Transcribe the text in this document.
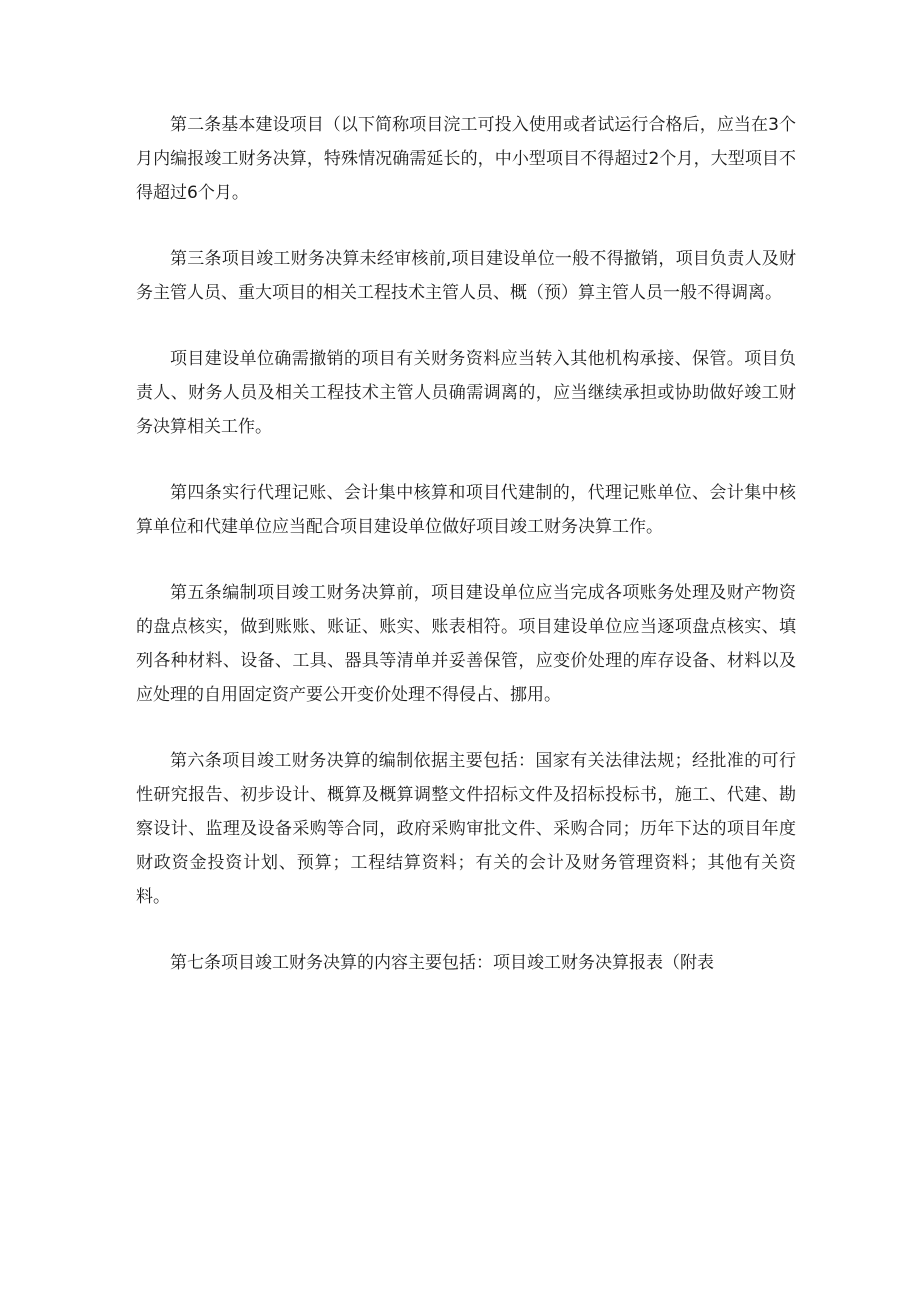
第二条基本建设项目（以下简称项目浣工可投入使用或者试运行合格后，应当在3个月内编报竣工财务决算，特殊情况确需延长的，中小型项目不得超过2个月，大型项目不得超过6个月。

第三条项目竣工财务决算未经审核前,项目建设单位一般不得撤销，项目负责人及财务主管人员、重大项目的相关工程技术主管人员、概（预）算主管人员一般不得调离。

项目建设单位确需撤销的项目有关财务资料应当转入其他机构承接、保管。项目负责人、财务人员及相关工程技术主管人员确需调离的，应当继续承担或协助做好竣工财务决算相关工作。

第四条实行代理记账、会计集中核算和项目代建制的，代理记账单位、会计集中核算单位和代建单位应当配合项目建设单位做好项目竣工财务决算工作。

第五条编制项目竣工财务决算前，项目建设单位应当完成各项账务处理及财产物资的盘点核实，做到账账、账证、账实、账表相符。项目建设单位应当逐项盘点核实、填列各种材料、设备、工具、器具等清单并妥善保管，应变价处理的库存设备、材料以及应处理的自用固定资产要公开变价处理不得侵占、挪用。

第六条项目竣工财务决算的编制依据主要包括：国家有关法律法规；经批准的可行性研究报告、初步设计、概算及概算调整文件招标文件及招标投标书，施工、代建、勘察设计、监理及设备采购等合同，政府采购审批文件、采购合同；历年下达的项目年度财政资金投资计划、预算；工程结算资料；有关的会计及财务管理资料；其他有关资料。

第七条项目竣工财务决算的内容主要包括：项目竣工财务决算报表（附表
